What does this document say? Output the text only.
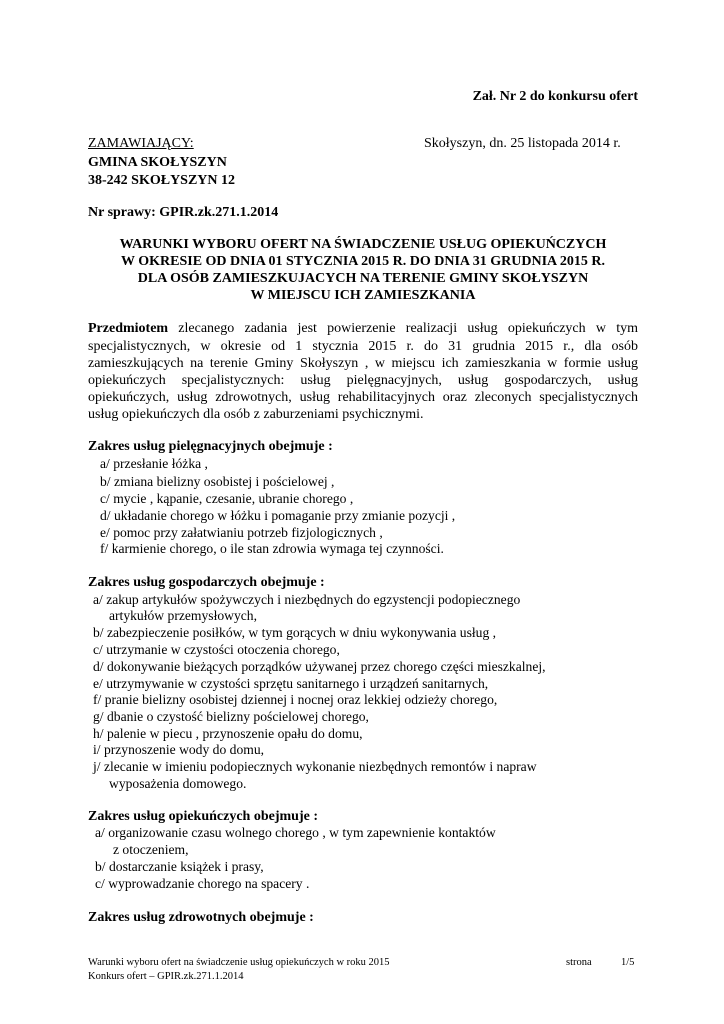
Zał. Nr 2 do konkursu ofert
ZAMAWIAJĄCY:	Skołyszyn, dn. 25 listopada 2014 r.
GMINA SKOŁYSZYN
38-242 SKOŁYSZYN 12
Nr sprawy: GPIR.zk.271.1.2014
WARUNKI WYBORU OFERT NA ŚWIADCZENIE USŁUG OPIEKUŃCZYCH
W OKRESIE OD DNIA 01 STYCZNIA 2015 R. DO DNIA 31 GRUDNIA 2015 R.
DLA OSÓB ZAMIESZKUJACYCH NA TERENIE GMINY SKOŁYSZYN
W MIEJSCU ICH ZAMIESZKANIA
Przedmiotem zlecanego zadania jest powierzenie realizacji usług opiekuńczych w tym
specjalistycznych, w okresie od 1 stycznia 2015 r. do 31 grudnia 2015 r., dla osób
zamieszkujących na terenie Gminy Skołyszyn , w miejscu ich zamieszkania w formie usług
opiekuńczych specjalistycznych: usług pielęgnacyjnych, usług gospodarczych, usług
opiekuńczych, usług zdrowotnych, usług rehabilitacyjnych oraz zleconych specjalistycznych
usług opiekuńczych dla osób z zaburzeniami psychicznymi.
Zakres usług pielęgnacyjnych obejmuje :
a/ przesłanie łóżka ,
b/ zmiana bielizny osobistej i pościelowej ,
c/ mycie , kąpanie, czesanie, ubranie chorego ,
d/ układanie chorego w łóżku i pomaganie przy zmianie pozycji ,
e/ pomoc przy załatwianiu potrzeb fizjologicznych ,
f/ karmienie chorego, o ile stan zdrowia wymaga tej czynności.
Zakres usług gospodarczych obejmuje :
a/ zakup artykułów spożywczych i niezbędnych do egzystencji podopiecznego
artykułów przemysłowych,
b/ zabezpieczenie posiłków, w tym gorących w dniu wykonywania usług ,
c/ utrzymanie w czystości otoczenia chorego,
d/ dokonywanie bieżących porządków używanej przez chorego części mieszkalnej,
e/ utrzymywanie w czystości sprzętu sanitarnego i urządzeń sanitarnych,
f/ pranie bielizny osobistej dziennej i nocnej oraz lekkiej odzieży chorego,
g/ dbanie o czystość bielizny pościelowej chorego,
h/ palenie w piecu , przynoszenie opału do domu,
i/ przynoszenie wody do domu,
j/ zlecanie w imieniu podopiecznych wykonanie niezbędnych remontów i napraw
wyposażenia domowego.
Zakres usług opiekuńczych obejmuje :
a/ organizowanie czasu wolnego chorego , w tym zapewnienie kontaktów
z otoczeniem,
b/ dostarczanie książek i prasy,
c/ wyprowadzanie chorego na spacery .
Zakres usług zdrowotnych obejmuje :
Warunki wyboru ofert na świadczenie usług opiekuńczych w roku 2015
Konkurs ofert – GPIR.zk.271.1.2014
strona	1/5
